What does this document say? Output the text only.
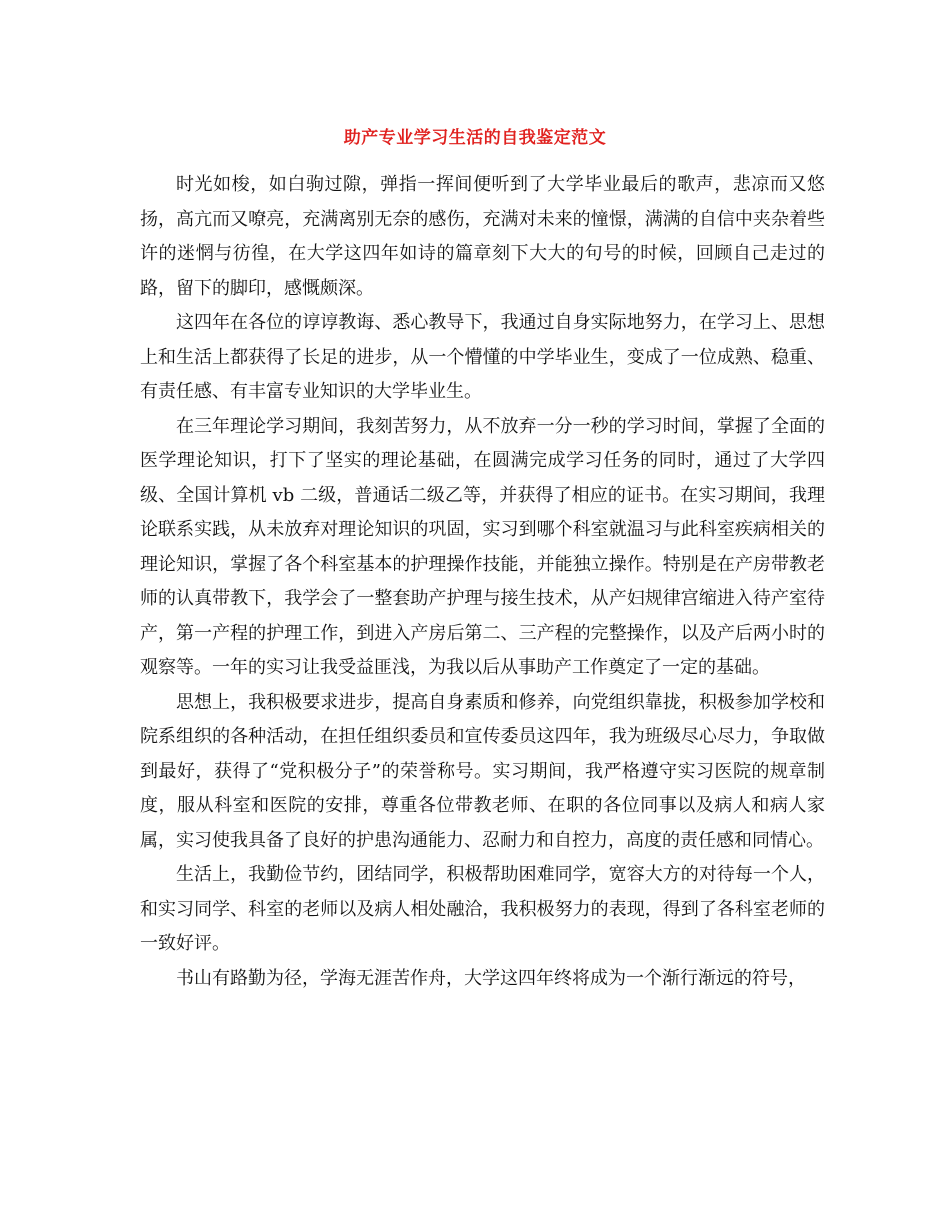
助产专业学习生活的自我鉴定范文

时光如梭，如白驹过隙，弹指一挥间便听到了大学毕业最后的歌声，悲凉而又悠扬，高亢而又嘹亮，充满离别无奈的感伤，充满对未来的憧憬，满满的自信中夹杂着些许的迷惘与彷徨，在大学这四年如诗的篇章刻下大大的句号的时候，回顾自己走过的路，留下的脚印，感慨颇深。

这四年在各位的谆谆教诲、悉心教导下，我通过自身实际地努力，在学习上、思想上和生活上都获得了长足的进步，从一个懵懂的中学毕业生，变成了一位成熟、稳重、有责任感、有丰富专业知识的大学毕业生。

在三年理论学习期间，我刻苦努力，从不放弃一分一秒的学习时间，掌握了全面的医学理论知识，打下了坚实的理论基础，在圆满完成学习任务的同时，通过了大学四级、全国计算机 vb 二级，普通话二级乙等，并获得了相应的证书。在实习期间，我理论联系实践，从未放弃对理论知识的巩固，实习到哪个科室就温习与此科室疾病相关的理论知识，掌握了各个科室基本的护理操作技能，并能独立操作。特别是在产房带教老师的认真带教下，我学会了一整套助产护理与接生技术，从产妇规律宫缩进入待产室待产，第一产程的护理工作，到进入产房后第二、三产程的完整操作，以及产后两小时的观察等。一年的实习让我受益匪浅，为我以后从事助产工作奠定了一定的基础。

思想上，我积极要求进步，提高自身素质和修养，向党组织靠拢，积极参加学校和院系组织的各种活动，在担任组织委员和宣传委员这四年，我为班级尽心尽力，争取做到最好，获得了“党积极分子”的荣誉称号。实习期间，我严格遵守实习医院的规章制度，服从科室和医院的安排，尊重各位带教老师、在职的各位同事以及病人和病人家属，实习使我具备了良好的护患沟通能力、忍耐力和自控力，高度的责任感和同情心。

生活上，我勤俭节约，团结同学，积极帮助困难同学，宽容大方的对待每一个人，和实习同学、科室的老师以及病人相处融洽，我积极努力的表现，得到了各科室老师的一致好评。

书山有路勤为径，学海无涯苦作舟，大学这四年终将成为一个渐行渐远的符号，
